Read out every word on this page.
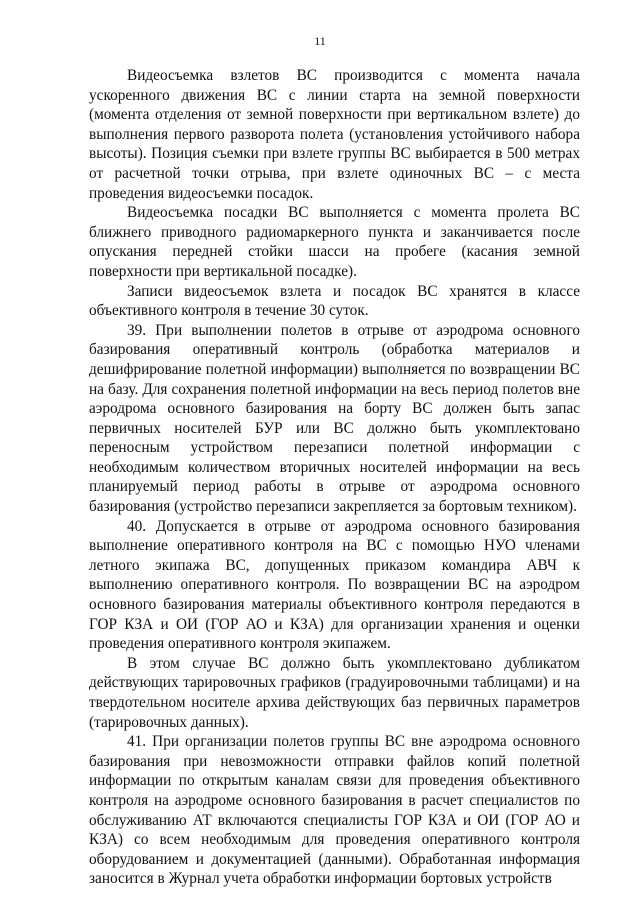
11

Видеосъемка взлетов ВС производится с момента начала ускоренного движения ВС с линии старта на земной поверхности (момента отделения от земной поверхности при вертикальном взлете) до выполнения первого разворота полета (установления устойчивого набора высоты). Позиция съемки при взлете группы ВС выбирается в 500 метрах от расчетной точки отрыва, при взлете одиночных ВС – с места проведения видеосъемки посадок.

Видеосъемка посадки ВС выполняется с момента пролета ВС ближнего приводного радиомаркерного пункта и заканчивается после опускания передней стойки шасси на пробеге (касания земной поверхности при вертикальной посадке).

Записи видеосъемок взлета и посадок ВС хранятся в классе объективного контроля в течение 30 суток.

39. При выполнении полетов в отрыве от аэродрома основного базирования оперативный контроль (обработка материалов и дешифрирование полетной информации) выполняется по возвращении ВС на базу. Для сохранения полетной информации на весь период полетов вне аэродрома основного базирования на борту ВС должен быть запас первичных носителей БУР или ВС должно быть укомплектовано переносным устройством перезаписи полетной информации с необходимым количеством вторичных носителей информации на весь планируемый период работы в отрыве от аэродрома основного базирования (устройство перезаписи закрепляется за бортовым техником).

40. Допускается в отрыве от аэродрома основного базирования выполнение оперативного контроля на ВС с помощью НУО членами летного экипажа ВС, допущенных приказом командира АВЧ к выполнению оперативного контроля. По возвращении ВС на аэродром основного базирования материалы объективного контроля передаются в ГОР КЗА и ОИ (ГОР АО и КЗА) для организации хранения и оценки проведения оперативного контроля экипажем.

В этом случае ВС должно быть укомплектовано дубликатом действующих тарировочных графиков (градуировочными таблицами) и на твердотельном носителе архива действующих баз первичных параметров (тарировочных данных).

41. При организации полетов группы ВС вне аэродрома основного базирования при невозможности отправки файлов копий полетной информации по открытым каналам связи для проведения объективного контроля на аэродроме основного базирования в расчет специалистов по обслуживанию АТ включаются специалисты ГОР КЗА и ОИ (ГОР АО и КЗА) со всем необходимым для проведения оперативного контроля оборудованием и документацией (данными). Обработанная информация заносится в Журнал учета обработки информации бортовых устройств
